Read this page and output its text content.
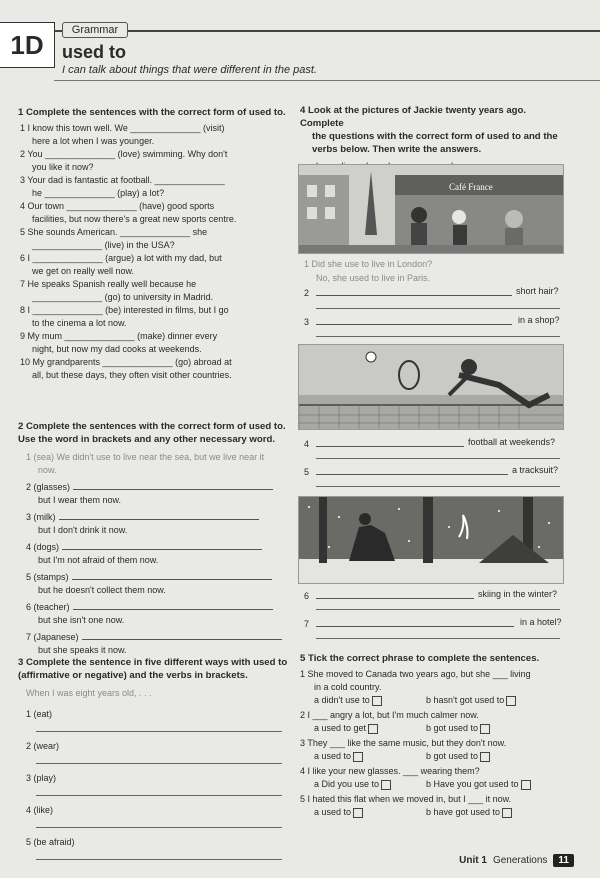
1D	Grammar
used to
I can talk about things that were different in the past.
1 Complete the sentences with the correct form of used to.
1 I know this town well. We ______________ (visit)
here a lot when I was younger.
2 You ______________ (love) swimming. Why don't
you like it now?
3 Your dad is fantastic at football. ______________
he ______________ (play) a lot?
4 Our town ______________ (have) good sports
facilities, but now there's a great new sports centre.
5 She sounds American. ______________ she
______________ (live) in the USA?
6 I ______________ (argue) a lot with my dad, but
we get on really well now.
7 He speaks Spanish really well because he
______________ (go) to university in Madrid.
8 I ______________ (be) interested in films, but I go
to the cinema a lot now.
9 My mum ______________ (make) dinner every
night, but now my dad cooks at weekends.
10 My grandparents ______________ (go) abroad at
all, but these days, they often visit other countries.
2 Complete the sentences with the correct form of used to.
Use the word in brackets and any other necessary word.
1 (sea) We didn't use to live near the sea, but we live near it
now.
2 (glasses)
but I wear them now.
3 (milk)
but I don't drink it now.
4 (dogs)
but I'm not afraid of them now.
5 (stamps)
but he doesn't collect them now.
6 (teacher)
but she isn't one now.
7 (Japanese)
but she speaks it now.
3 Complete the sentence in five different ways with used to
(affirmative or negative) and the verbs in brackets.
When I was eight years old, . . .
1 (eat)
2 (wear)
3 (play)
4 (like)
5 (be afraid)
4 Look at the pictures of Jackie twenty years ago. Complete
the questions with the correct form of used to and the
verbs below. Then write the answers.
Café France
1 Did she use to live in London?
No, she used to live in Paris.
2	short hair?
3	in a shop?
4	football at weekends?
5	a tracksuit?
6	skiing in the winter?
7	in a hotel?
5 Tick the correct phrase to complete the sentences.
1 She moved to Canada two years ago, but she ___ living
in a cold country.
a didn't use to	b hasn't got used to
2 I ___ angry a lot, but I'm much calmer now.
a used to get	b got used to
3 They ___ like the same music, but they don't now.
a used to	b got used to
4 I like your new glasses. ___ wearing them?
a Did you use to	b Have you got used to
5 I hated this flat when we moved in, but I ___ it now.
a used to	b have got used to
Unit 1 Generations	11
